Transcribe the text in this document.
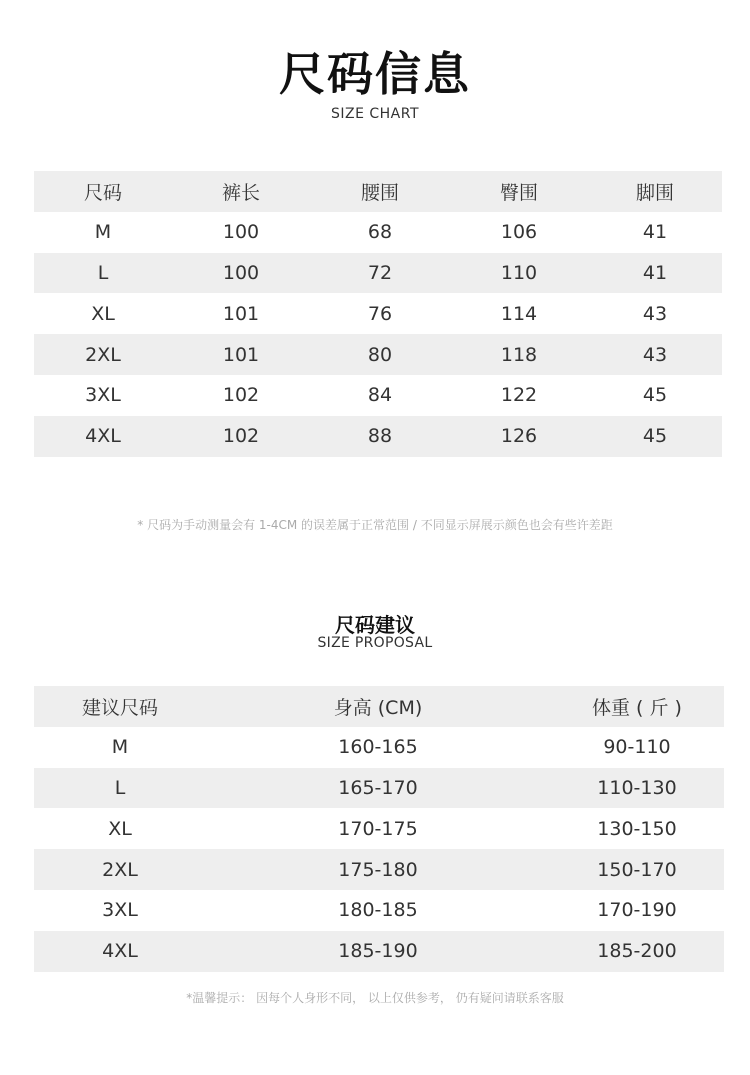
尺码信息
SIZE CHART
尺码	裤长	腰围	臀围	脚围
M	100	68	106	41
L	100	72	110	41
XL	101	76	114	43
2XL	101	80	118	43
3XL	102	84	122	45
4XL	102	88	126	45
* 尺码为手动测量会有 1-4CM 的误差属于正常范围 / 不同显示屏展示颜色也会有些许差距
尺码建议
SIZE PROPOSAL
建议尺码	身高 (CM)	体重 ( 斤 )
M	160-165	90-110
L	165-170	110-130
XL	170-175	130-150
2XL	175-180	150-170
3XL	180-185	170-190
4XL	185-190	185-200
*温馨提示： 因每个人身形不同， 以上仅供参考， 仍有疑问请联系客服
